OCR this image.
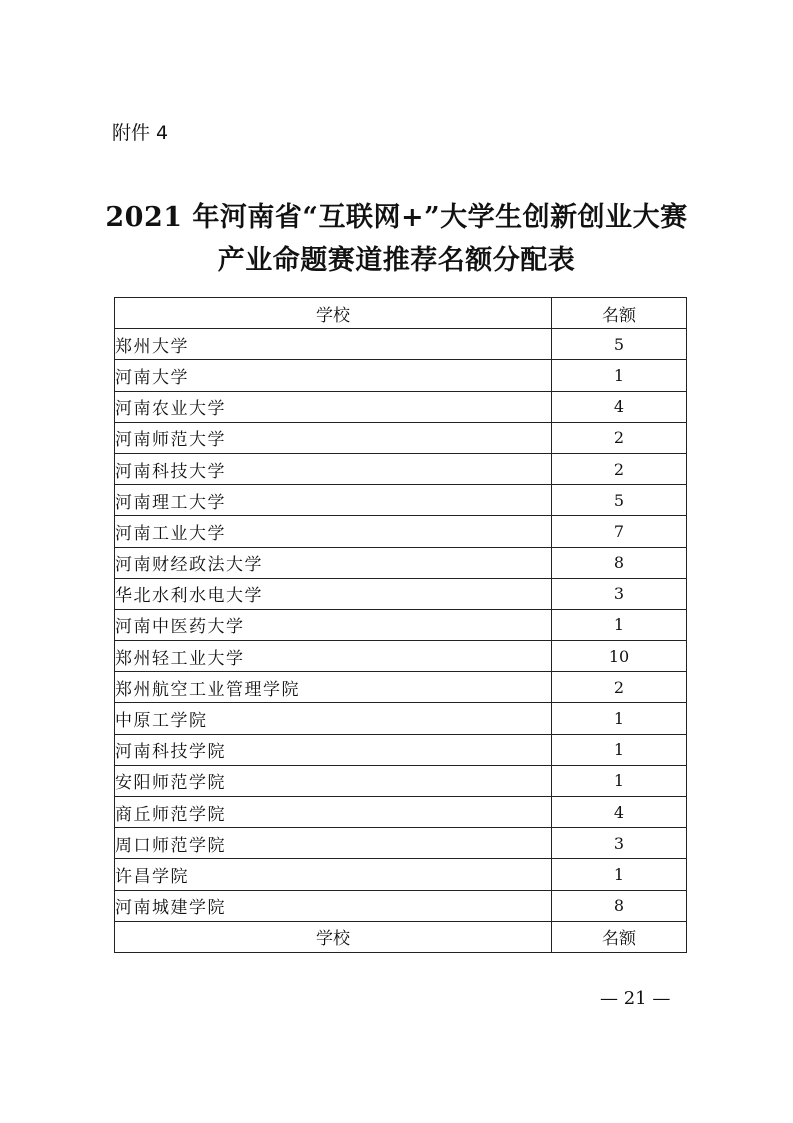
附件 4
2021 年河南省“互联网+”大学生创新创业大赛
产业命题赛道推荐名额分配表
学校	名额
郑州大学	5
河南大学	1
河南农业大学	4
河南师范大学	2
河南科技大学	2
河南理工大学	5
河南工业大学	7
河南财经政法大学	8
华北水利水电大学	3
河南中医药大学	1
郑州轻工业大学	10
郑州航空工业管理学院	2
中原工学院	1
河南科技学院	1
安阳师范学院	1
商丘师范学院	4
周口师范学院	3
许昌学院	1
河南城建学院	8
学校	名额
— 21 —
